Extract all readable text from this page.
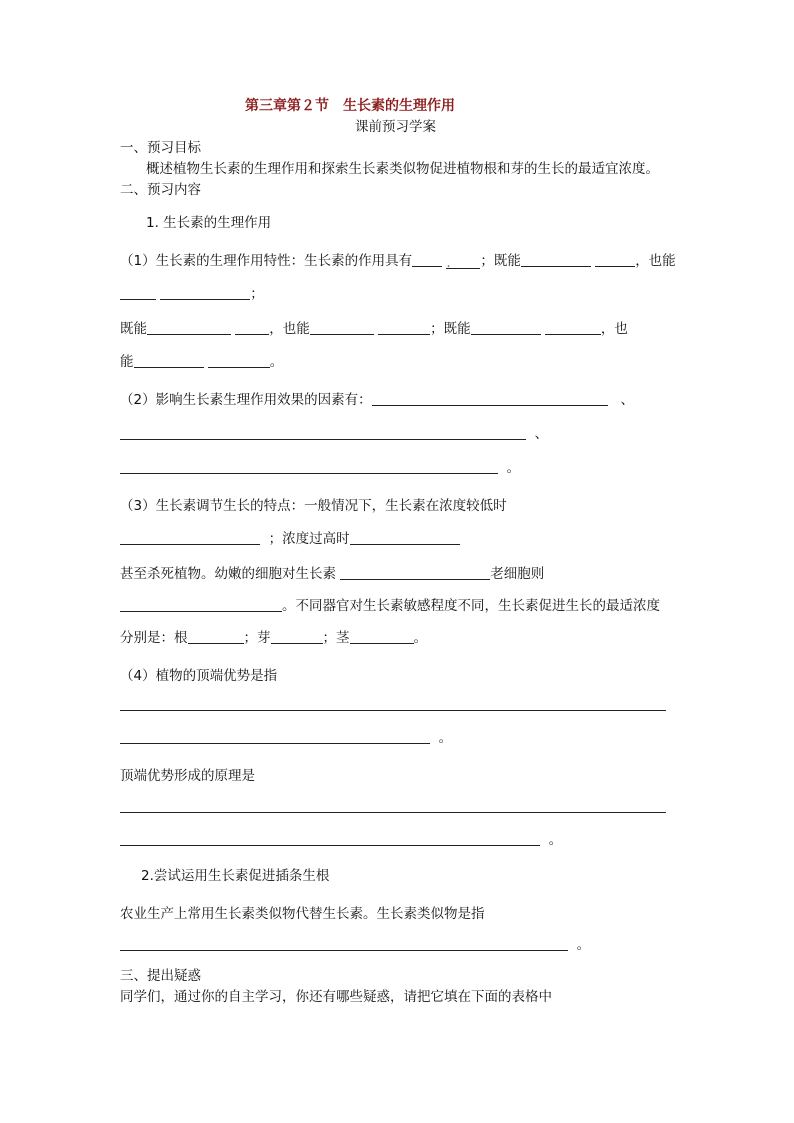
第三章第２节　生长素的生理作用
课前预习学案
一、预习目标
概述植物生长素的生理作用和探索生长素类似物促进植物根和芽的生长的最适宜浓度。
二、预习内容
1. 生长素的生理作用
（1）生长素的生理作用特性：生长素的作用具有	. ；既能	，也能
；
既能	，也能	；既能	，也
能	。
（2）影响生长素生理作用效果的因素有：	、
、
。
（3）生长素调节生长的特点：一般情况下，生长素在浓度较低时
；浓度过高时
甚至杀死植物。幼嫩的细胞对生长素	老细胞则
。不同器官对生长素敏感程度不同，生长素促进生长的最适浓度
分别是：根	；芽	；茎	。
（4）植物的顶端优势是指
。
顶端优势形成的原理是
。
2.尝试运用生长素促进插条生根
农业生产上常用生长素类似物代替生长素。生长素类似物是指
。
三、提出疑惑
同学们，通过你的自主学习，你还有哪些疑惑，请把它填在下面的表格中
